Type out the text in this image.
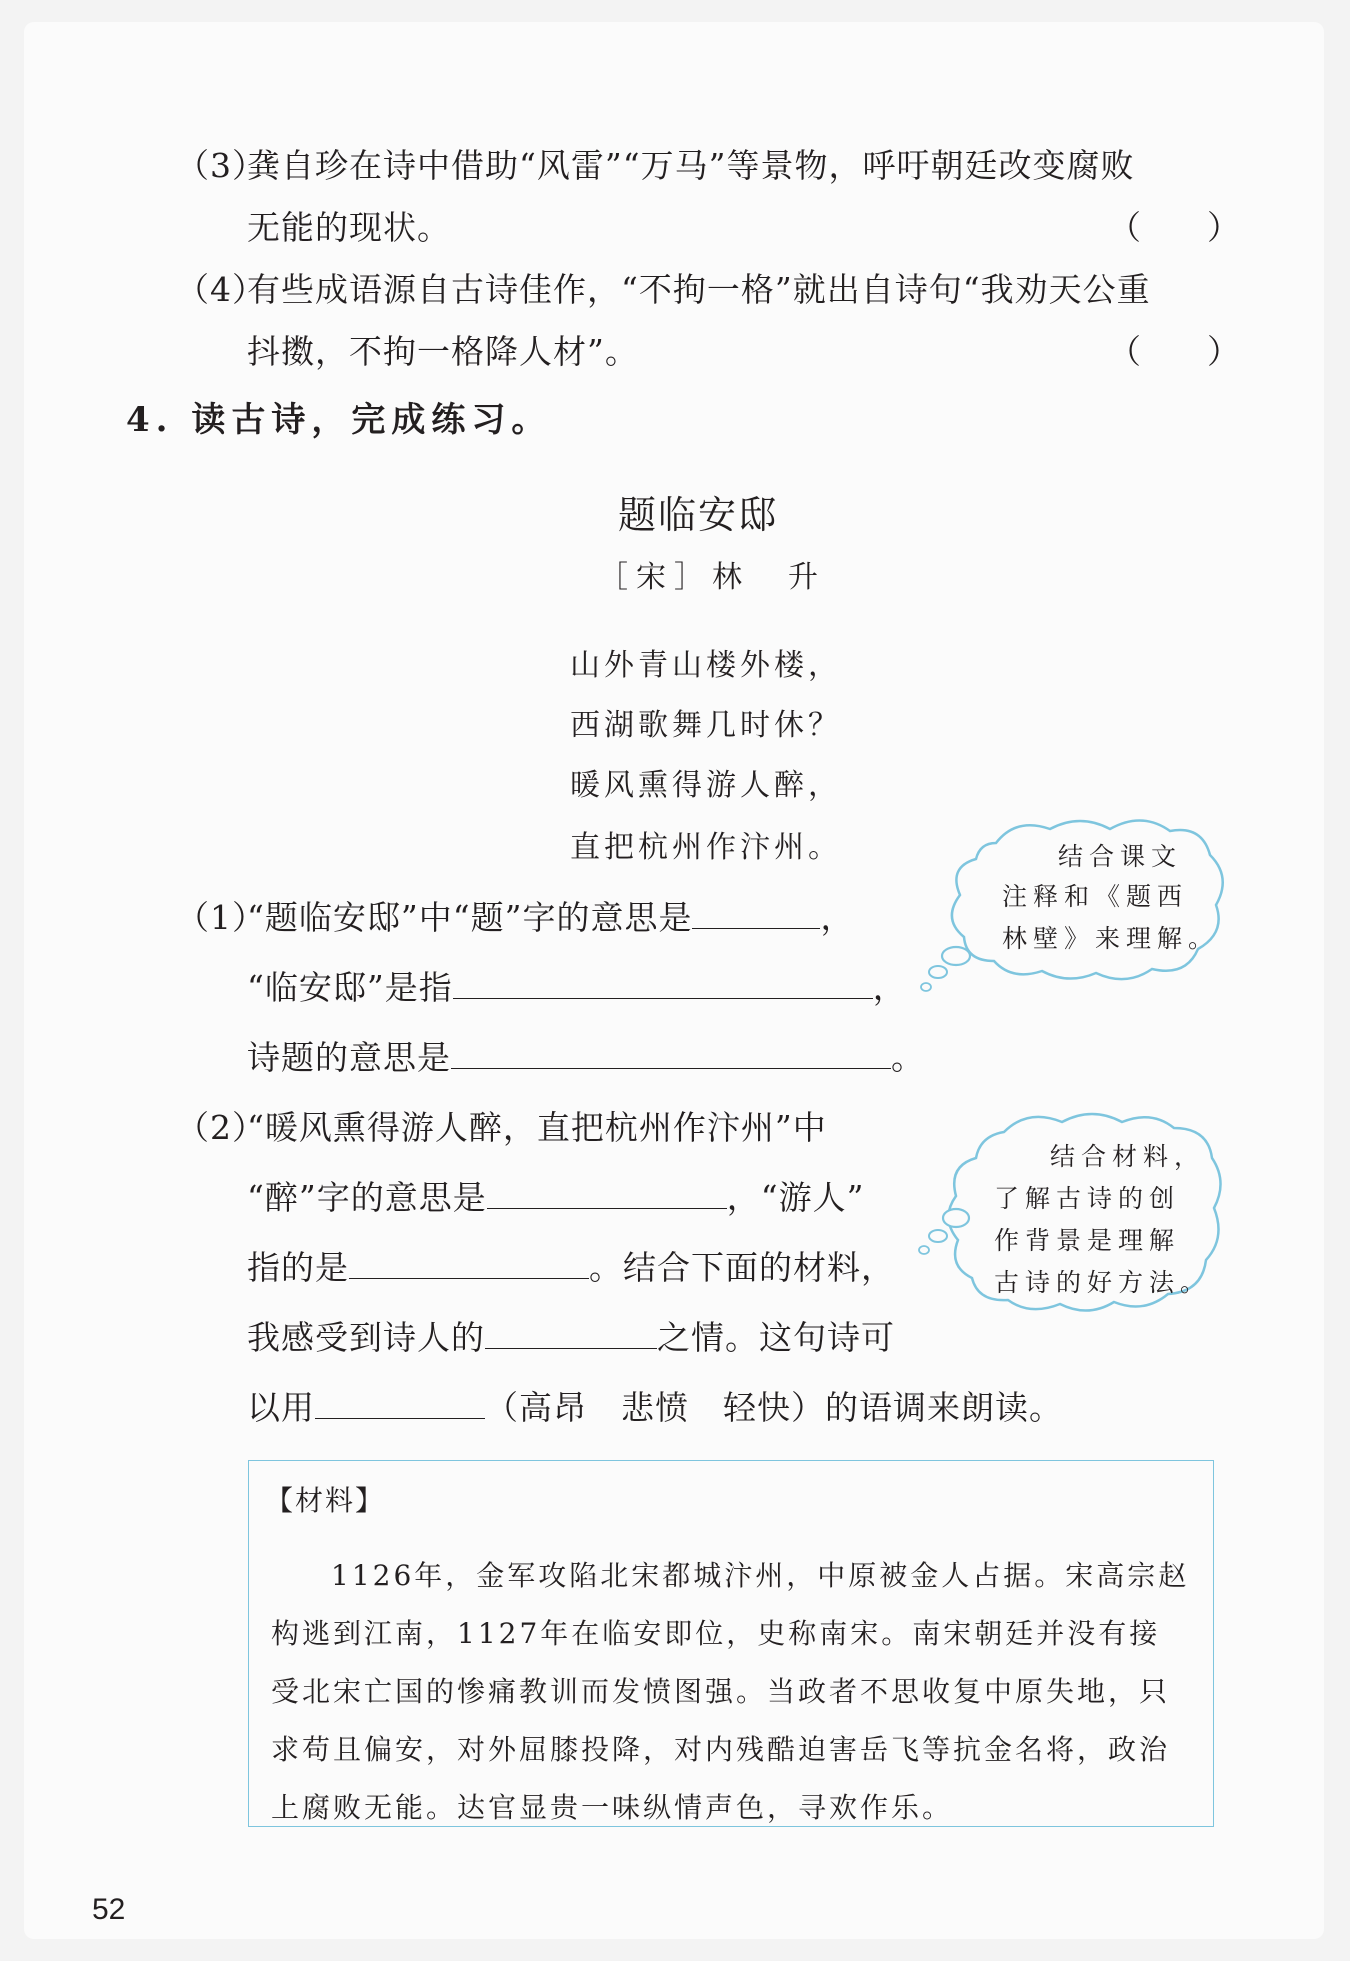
（3）
龚自珍在诗中借助“风雷”“万马”等景物，呼吁朝廷改变腐败
无能的现状。	（　　）
（4）
有些成语源自古诗佳作，“不拘一格”就出自诗句“我劝天公重
抖擞，不拘一格降人材”。	（　　）
4. 读古诗，完成练习。
题临安邸
［宋］林　升
山外青山楼外楼，
西湖歌舞几时休？
暖风熏得游人醉，
直把杭州作汴州。	结合课文
注释和《题西
林壁》来理解。
（1）
“题临安邸”中“题”字的意思是	，
“临安邸”是指	，
诗题的意思是	。
结合材料，
了解古诗的创
作背景是理解
古诗的好方法。
（2）
“暖风熏得游人醉，直把杭州作汴州”中
“醉”字的意思是	，“游人”
指的是	。结合下面的材料，
我感受到诗人的	之情。这句诗可
以用	（高昂　悲愤　轻快）的语调来朗读。
【材料】
1126年，金军攻陷北宋都城汴州，中原被金人占据。宋高宗赵构逃到江南，1127年在临安即位，史称南宋。南宋朝廷并没有接受北宋亡国的惨痛教训而发愤图强。当政者不思收复中原失地，只求苟且偏安，对外屈膝投降，对内残酷迫害岳飞等抗金名将，政治上腐败无能。达官显贵一味纵情声色，寻欢作乐。
52
